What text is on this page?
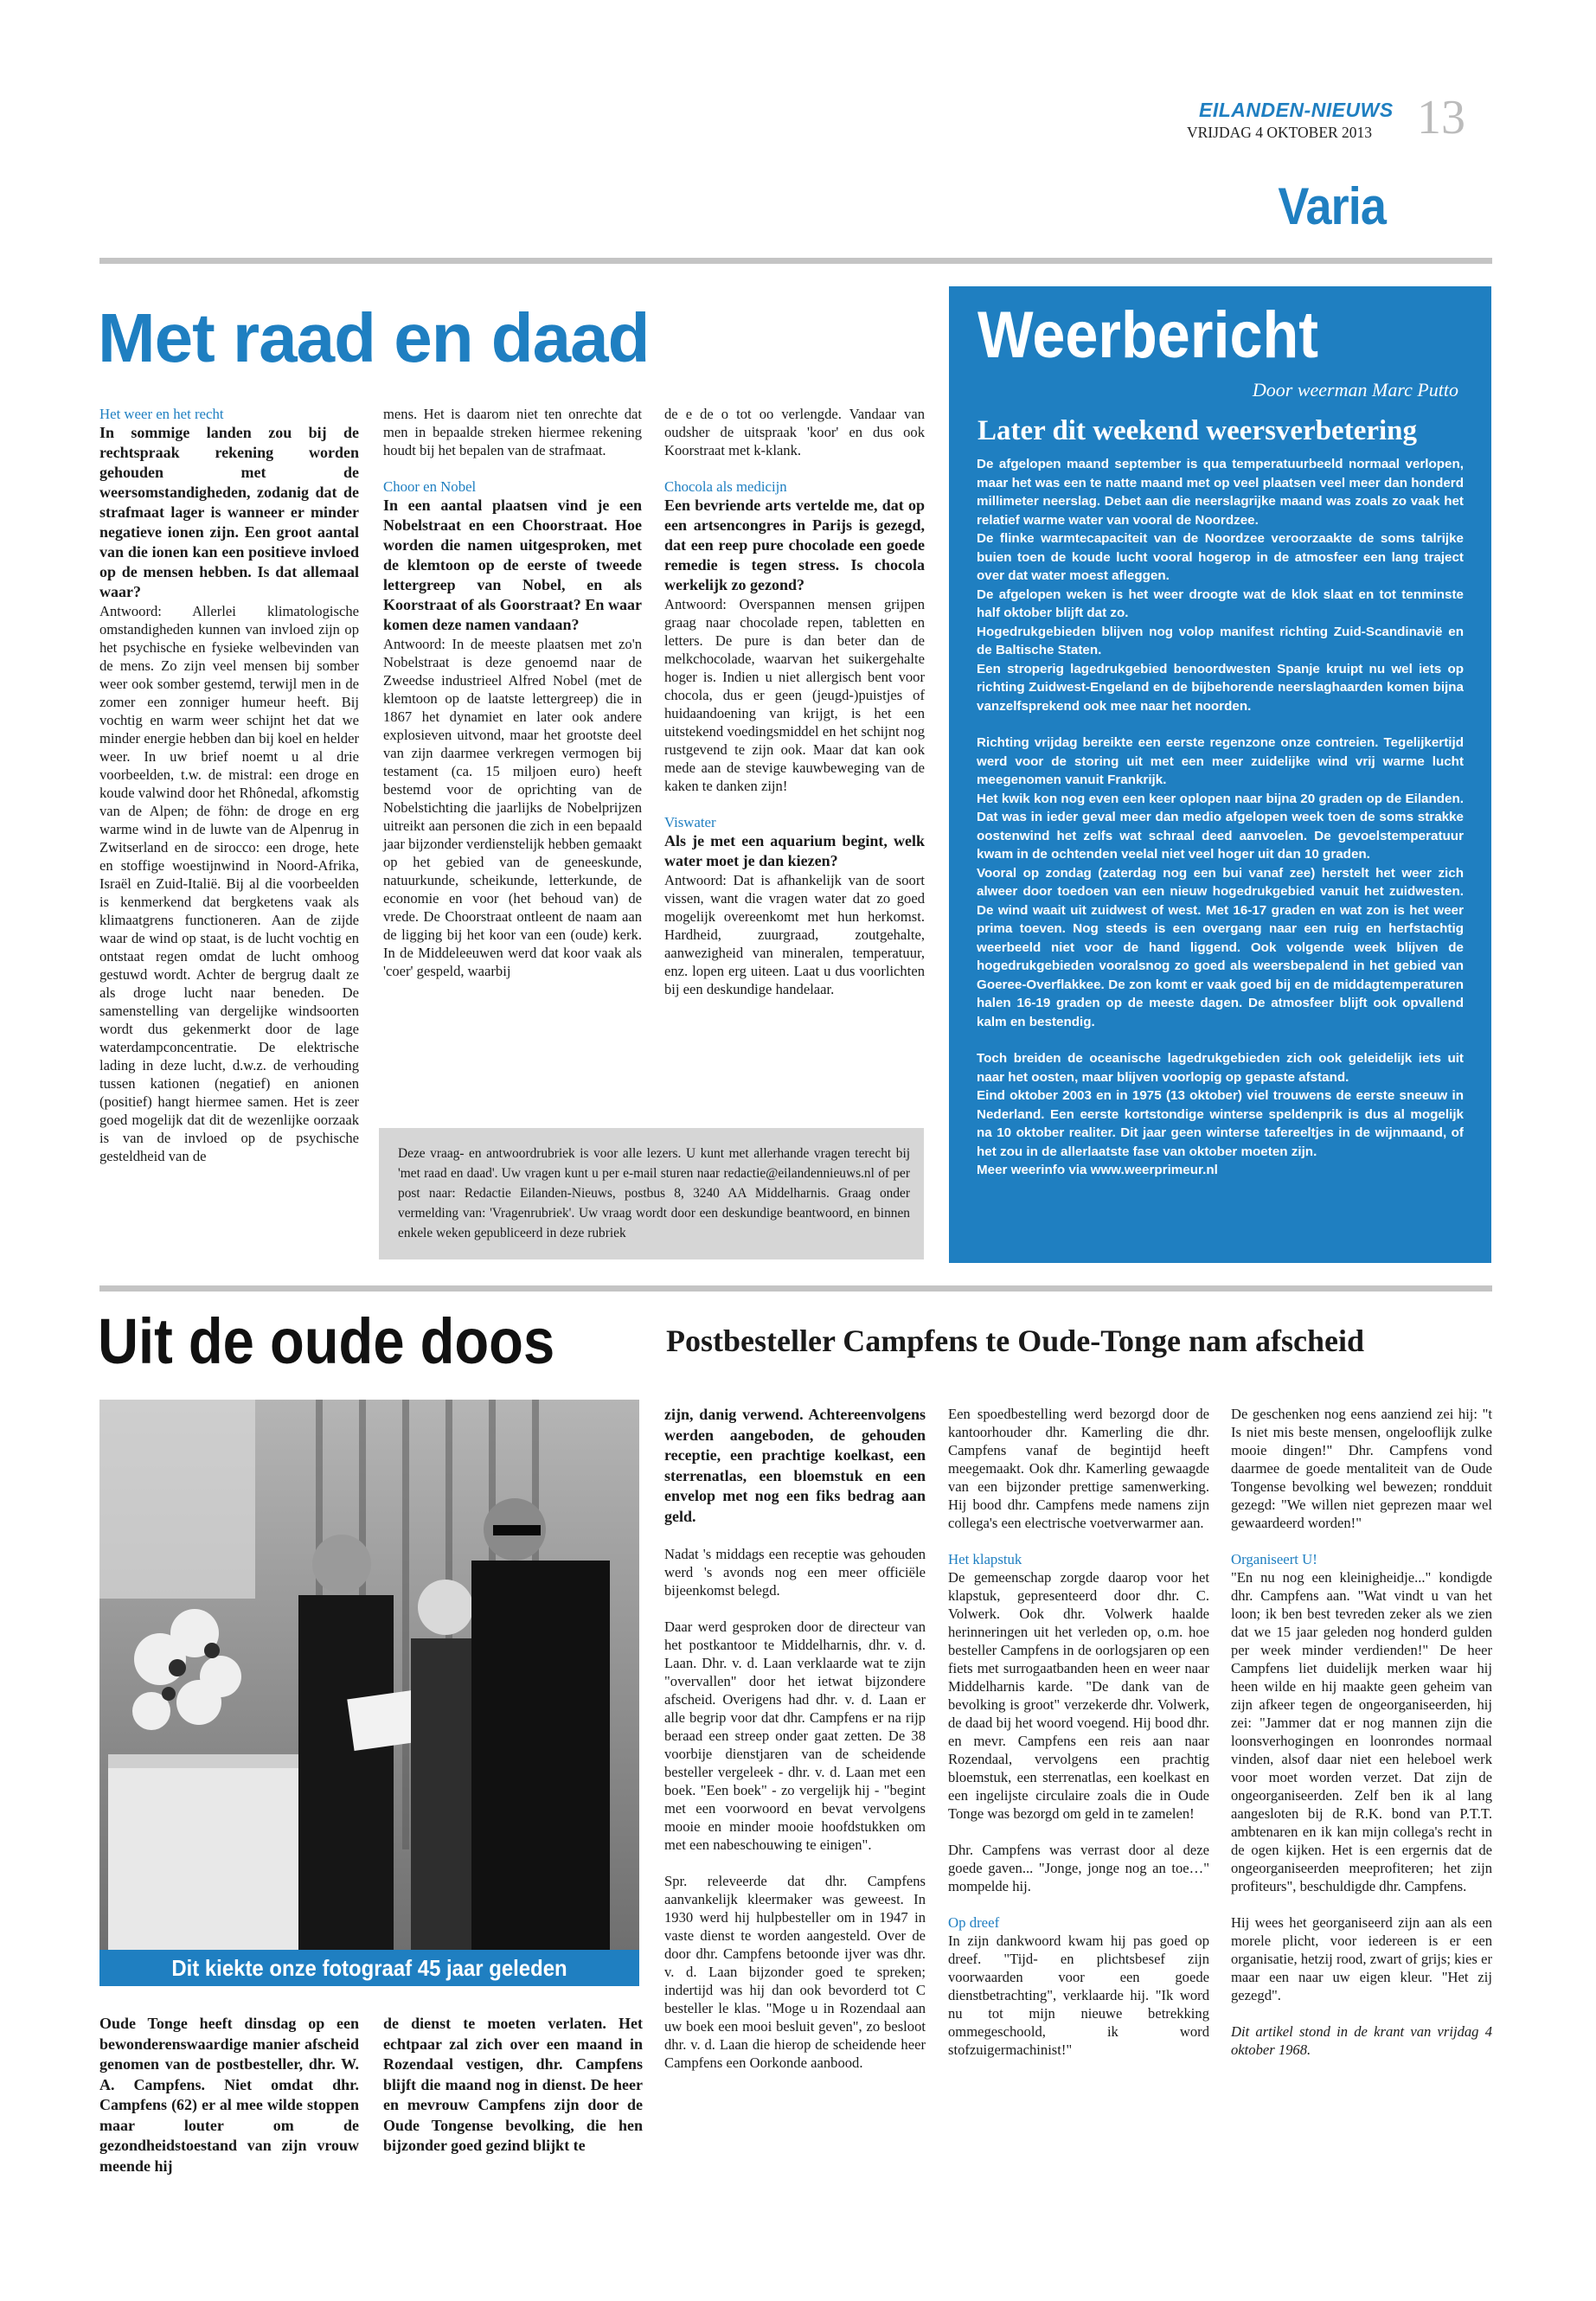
EILANDEN-NIEUWS
VRIJDAG 4 OKTOBER 2013 13
Varia
Met raad en daad

Het weer en het recht

In sommige landen zou bij de rechtspraak rekening worden gehouden met de weersomstandigheden, zodanig dat de strafmaat lager is wanneer er minder negatieve ionen zijn. Een groot aantal van die ionen kan een positieve invloed op de mensen hebben. Is dat allemaal waar?

Antwoord: Allerlei klimatologische omstandigheden kunnen van invloed zijn op het psychische en fysieke welbevinden van de mens. Zo zijn veel mensen bij somber weer ook somber gestemd, terwijl men in de zomer een zonniger humeur heeft. Bij vochtig en warm weer schijnt het dat we minder energie hebben dan bij koel en helder weer. In uw brief noemt u al drie voorbeelden, t.w. de mistral: een droge en koude valwind door het Rhônedal, afkomstig van de Alpen; de föhn: de droge en erg warme wind in de luwte van de Alpenrug in Zwitserland en de sirocco: een droge, hete en stoffige woestijnwind in Noord-Afrika, Israël en Zuid-Italië. Bij al die voorbeelden is kenmerkend dat bergketens vaak als klimaatgrens functioneren. Aan de zijde waar de wind op staat, is de lucht vochtig en ontstaat regen omdat de lucht omhoog gestuwd wordt. Achter de bergrug daalt ze als droge lucht naar beneden. De samenstelling van dergelijke windsoorten wordt dus gekenmerkt door de lage waterdampconcentratie. De elektrische lading in deze lucht, d.w.z. de verhouding tussen kationen (negatief) en anionen (positief) hangt hiermee samen. Het is zeer goed mogelijk dat dit de wezenlijke oorzaak is van de invloed op de psychische gesteldheid van de

mens. Het is daarom niet ten onrechte dat men in bepaalde streken hiermee rekening houdt bij het bepalen van de strafmaat.

Choor en Nobel

In een aantal plaatsen vind je een Nobelstraat en een Choorstraat. Hoe worden die namen uitgesproken, met de klemtoon op de eerste of tweede lettergreep van Nobel, en als Koorstraat of als Goorstraat? En waar komen deze namen vandaan?

Antwoord: In de meeste plaatsen met zo'n Nobelstraat is deze genoemd naar de Zweedse industrieel Alfred Nobel (met de klemtoon op de laatste lettergreep) die in 1867 het dynamiet en later ook andere explosieven uitvond, maar het grootste deel van zijn daarmee verkregen vermogen bij testament (ca. 15 miljoen euro) heeft bestemd voor de oprichting van de Nobelstichting die jaarlijks de Nobelprijzen uitreikt aan personen die zich in een bepaald jaar bijzonder verdienstelijk hebben gemaakt op het gebied van de geneeskunde, natuurkunde, scheikunde, letterkunde, de economie en voor (het behoud van) de vrede. De Choorstraat ontleent de naam aan de ligging bij het koor van een (oude) kerk. In de Middeleeuwen werd dat koor vaak als 'coer' gespeld, waarbij

de e de o tot oo verlengde. Vandaar van oudsher de uitspraak 'koor' en dus ook Koorstraat met k-klank.

Chocola als medicijn

Een bevriende arts vertelde me, dat op een artsencongres in Parijs is gezegd, dat een reep pure chocolade een goede remedie is tegen stress. Is chocola werkelijk zo gezond?

Antwoord: Overspannen mensen grijpen graag naar chocolade repen, tabletten en letters. De pure is dan beter dan de melkchocolade, waarvan het suikergehalte hoger is. Indien u niet allergisch bent voor chocola, dus er geen (jeugd-)puistjes of huidaandoening van krijgt, is het een uitstekend voedingsmiddel en het schijnt nog rustgevend te zijn ook. Maar dat kan ook mede aan de stevige kauwbeweging van de kaken te danken zijn!

Viswater

Als je met een aquarium begint, welk water moet je dan kiezen?

Antwoord: Dat is afhankelijk van de soort vissen, want die vragen water dat zo goed mogelijk overeenkomt met hun herkomst. Hardheid, zuurgraad, zoutgehalte, aanwezigheid van mineralen, temperatuur, enz. lopen erg uiteen. Laat u dus voorlichten bij een deskundige handelaar.

Deze vraag- en antwoordrubriek is voor alle lezers. U kunt met allerhande vragen terecht bij 'met raad en daad'. Uw vragen kunt u per e-mail sturen naar redactie@eilandennieuws.nl of per post naar: Redactie Eilanden-Nieuws, postbus 8, 3240 AA Middelharnis. Graag onder vermelding van: 'Vragenrubriek'. Uw vraag wordt door een deskundige beantwoord, en binnen enkele weken gepubliceerd in deze rubriek
Weerbericht
Door weerman Marc Putto
Later dit weekend weersverbetering

De afgelopen maand september is qua temperatuurbeeld normaal verlopen, maar het was een te natte maand met op veel plaatsen veel meer dan honderd millimeter neerslag. Debet aan die neerslagrijke maand was zoals zo vaak het relatief warme water van vooral de Noordzee.

De flinke warmtecapaciteit van de Noordzee veroorzaakte de soms talrijke buien toen de koude lucht vooral hogerop in de atmosfeer een lang traject over dat water moest afleggen.

De afgelopen weken is het weer droogte wat de klok slaat en tot tenminste half oktober blijft dat zo.

Hogedrukgebieden blijven nog volop manifest richting Zuid-Scandinavië en de Baltische Staten.

Een stroperig lagedrukgebied benoordwesten Spanje kruipt nu wel iets op richting Zuidwest-Engeland en de bijbehorende neerslaghaarden komen bijna vanzelfsprekend ook mee naar het noorden.

Richting vrijdag bereikte een eerste regenzone onze contreien. Tegelijkertijd werd voor de storing uit met een meer zuidelijke wind vrij warme lucht meegenomen vanuit Frankrijk.

Het kwik kon nog even een keer oplopen naar bijna 20 graden op de Eilanden. Dat was in ieder geval meer dan medio afgelopen week toen de soms strakke oostenwind het zelfs wat schraal deed aanvoelen. De gevoelstemperatuur kwam in de ochtenden veelal niet veel hoger uit dan 10 graden.

Vooral op zondag (zaterdag nog een bui vanaf zee) herstelt het weer zich alweer door toedoen van een nieuw hogedrukgebied vanuit het zuidwesten. De wind waait uit zuidwest of west. Met 16-17 graden en wat zon is het weer prima toeven. Nog steeds is een overgang naar een ruig en herfstachtig weerbeeld niet voor de hand liggend. Ook volgende week blijven de hogedrukgebieden vooralsnog zo goed als weersbepalend in het gebied van Goeree-Overflakkee. De zon komt er vaak goed bij en de middagtemperaturen halen 16-19 graden op de meeste dagen. De atmosfeer blijft ook opvallend kalm en bestendig.

Toch breiden de oceanische lagedrukgebieden zich ook geleidelijk iets uit naar het oosten, maar blijven voorlopig op gepaste afstand.

Eind oktober 2003 en in 1975 (13 oktober) viel trouwens de eerste sneeuw in Nederland. Een eerste kortstondige winterse speldenprik is dus al mogelijk na 10 oktober realiter. Dit jaar geen winterse tafereeltjes in de wijnmaand, of het zou in de allerlaatste fase van oktober moeten zijn.

Meer weerinfo via www.weerprimeur.nl

Uit de oude doos	Postbesteller Campfens te Oude-Tonge nam afscheid
Dit kiekte onze fotograaf 45 jaar geleden
Oude Tonge heeft dinsdag op een bewonderenswaardige manier afscheid genomen van de postbesteller, dhr. W. A. Campfens. Niet omdat dhr. Campfens (62) er al mee wilde stoppen maar louter om de gezondheidstoestand van zijn vrouw meende hij
de dienst te moeten verlaten. Het echtpaar zal zich over een maand in Rozendaal vestigen, dhr. Campfens blijft die maand nog in dienst. De heer en mevrouw Campfens zijn door de Oude Tongense bevolking, die hen bijzonder goed gezind blijkt te

zijn, danig verwend. Achtereenvolgens werden aangeboden, de gehouden receptie, een prachtige koelkast, een sterrenatlas, een bloemstuk en een envelop met nog een fiks bedrag aan geld.

Nadat 's middags een receptie was gehouden werd 's avonds nog een meer officiële bijeenkomst belegd.

Daar werd gesproken door de directeur van het postkantoor te Middelharnis, dhr. v. d. Laan. Dhr. v. d. Laan verklaarde wat te zijn "overvallen" door het ietwat bijzondere afscheid. Overigens had dhr. v. d. Laan er alle begrip voor dat dhr. Campfens er na rijp beraad een streep onder gaat zetten. De 38 voorbije dienstjaren van de scheidende besteller vergeleek - dhr. v. d. Laan met een boek. "Een boek" - zo vergelijk hij - "begint met een voorwoord en bevat vervolgens mooie en minder mooie hoofdstukken om met een nabeschouwing te einigen".

Spr. releveerde dat dhr. Campfens aanvankelijk kleermaker was geweest. In 1930 werd hij hulpbesteller om in 1947 in vaste dienst te worden aangesteld. Over de door dhr. Campfens betoonde ijver was dhr. v. d. Laan bijzonder goed te spreken; indertijd was hij dan ook bevorderd tot C besteller le klas. "Moge u in Rozendaal aan uw boek een mooi besluit geven", zo besloot dhr. v. d. Laan die hierop de scheidende heer Campfens een Oorkonde aanbood.

Een spoedbestelling werd bezorgd door de kantoorhouder dhr. Kamerling die dhr. Campfens vanaf de begintijd heeft meegemaakt. Ook dhr. Kamerling gewaagde van een bijzonder prettige samenwerking. Hij bood dhr. Campfens mede namens zijn collega's een electrische voetverwarmer aan.

Het klapstuk

De gemeenschap zorgde daarop voor het klapstuk, gepresenteerd door dhr. C. Volwerk. Ook dhr. Volwerk haalde herinneringen uit het verleden op, o.m. hoe besteller Campfens in de oorlogsjaren op een fiets met surrogaatbanden heen en weer naar Middelharnis karde. "De dank van de bevolking is groot" verzekerde dhr. Volwerk, de daad bij het woord voegend. Hij bood dhr. en mevr. Campfens een reis aan naar Rozendaal, vervolgens een prachtig bloemstuk, een sterrenatlas, een koelkast en een ingelijste circulaire zoals die in Oude Tonge was bezorgd om geld in te zamelen!

Dhr. Campfens was verrast door al deze goede gaven... "Jonge, jonge nog an toe…" mompelde hij.

Op dreef

In zijn dankwoord kwam hij pas goed op dreef. "Tijd- en plichtsbesef zijn voorwaarden voor een goede dienstbetrachting", verklaarde hij. "Ik word nu tot mijn nieuwe betrekking ommegeschoold, ik word stofzuigermachinist!"

De geschenken nog eens aanziend zei hij: "t Is niet mis beste mensen, ongelooflijk zulke mooie dingen!" Dhr. Campfens vond daarmee de goede mentaliteit van de Oude Tongense bevolking wel bewezen; rondduit gezegd: "We willen niet geprezen maar wel gewaardeerd worden!"

Organiseert U!

"En nu nog een kleinigheidje..." kondigde dhr. Campfens aan. "Wat vindt u van het loon; ik ben best tevreden zeker als we zien dat we 15 jaar geleden nog honderd gulden per week minder verdienden!" De heer Campfens liet duidelijk merken waar hij heen wilde en hij maakte geen geheim van zijn afkeer tegen de ongeorganiseerden, hij zei: "Jammer dat er nog mannen zijn die loonsverhogingen en loonrondes normaal vinden, alsof daar niet een heleboel werk voor moet worden verzet. Dat zijn de ongeorganiseerden. Zelf ben ik al lang aangesloten bij de R.K. bond van P.T.T. ambtenaren en ik kan mijn collega's recht in de ogen kijken. Het is een ergernis dat de ongeorganiseerden meeprofiteren; het zijn profiteurs", beschuldigde dhr. Campfens.

Hij wees het georganiseerd zijn aan als een morele plicht, voor iedereen is er een organisatie, hetzij rood, zwart of grijs; kies er maar een naar uw eigen kleur. "Het zij gezegd".

Dit artikel stond in de krant van vrijdag 4 oktober 1968.
